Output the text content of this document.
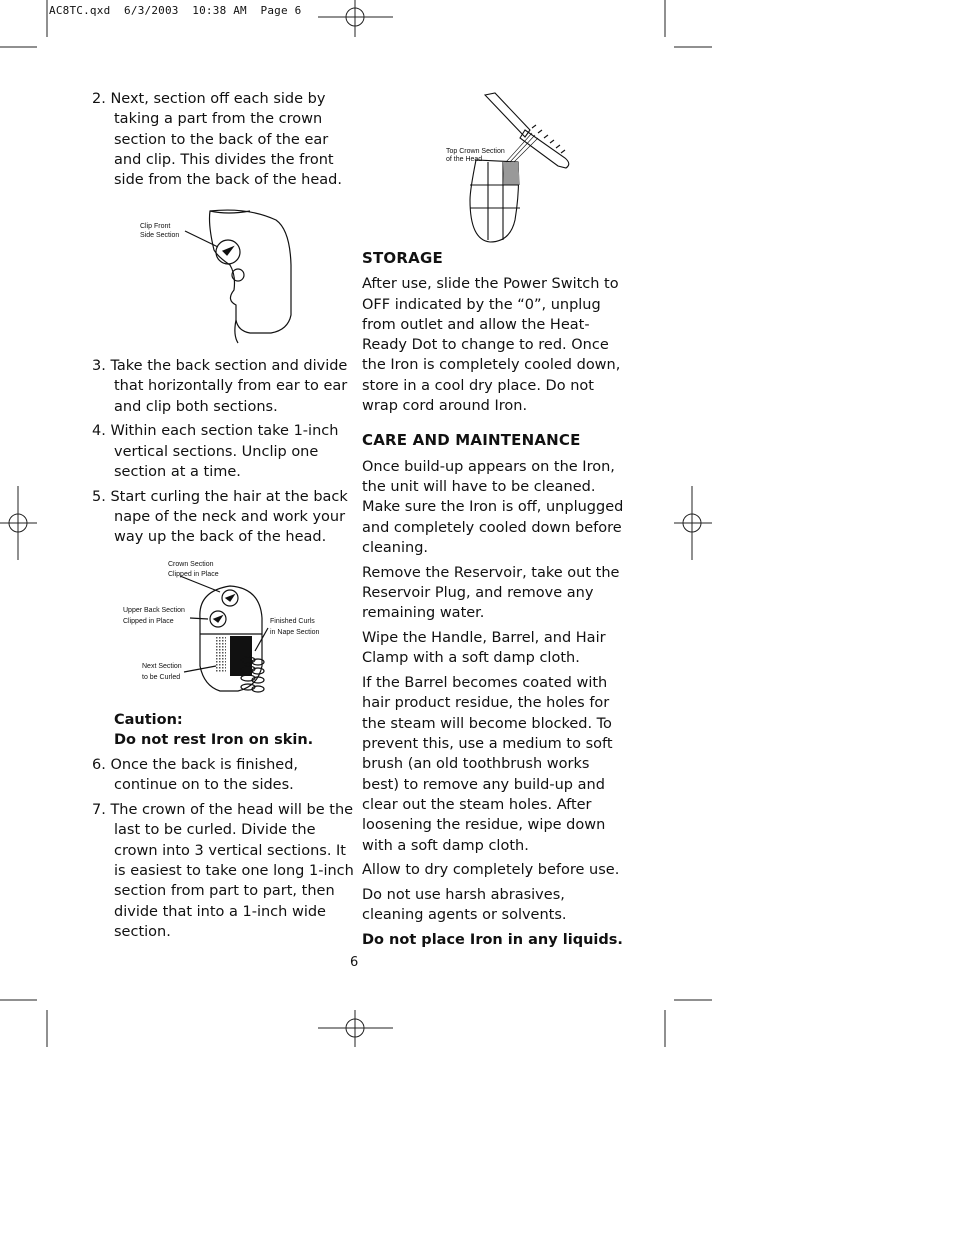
AC8TC.qxd  6/3/2003  10:38 AM  Page 6
2. Next, section off each side by taking a part from the crown section to the back of the ear and clip. This divides the front side from the back of the head.
Clip Front
Side Section
3. Take the back section and divide that horizontally from ear to ear and clip both sections.
4. Within each section take 1-inch vertical sections. Unclip one section at a time.
5. Start curling the hair at the back nape of the neck and work your way up the back of the head.
Crown Section
Clipped in Place
Upper Back Section
Clipped in Place	Finished Curls
in Nape Section
Next Section
to be Curled
Caution:
Do not rest Iron on skin.
6. Once the back is finished, continue on to the sides.
7. The crown of the head will be the last to be curled. Divide the crown into 3 vertical sections. It is easiest to take one long 1-inch section from part to part, then divide that into a 1-inch wide section.
Top Crown Section
of the Head
STORAGE

After use, slide the Power Switch to OFF indicated by the “0”, unplug from outlet and allow the Heat-Ready Dot to change to red. Once the Iron is completely cooled down, store in a cool dry place. Do not wrap cord around Iron.

CARE AND MAINTENANCE

Once build-up appears on the Iron, the unit will have to be cleaned. Make sure the Iron is off, unplugged and completely cooled down before cleaning.

Remove the Reservoir, take out the Reservoir Plug, and remove any remaining water.

Wipe the Handle, Barrel, and Hair Clamp with a soft damp cloth.

If the Barrel becomes coated with hair product residue, the holes for the steam will become blocked. To prevent this, use a medium to soft brush (an old toothbrush works best) to remove any build-up and clear out the steam holes. After loosening the residue, wipe down with a soft damp cloth.

Allow to dry completely before use.

Do not use harsh abrasives, cleaning agents or solvents.

Do not place Iron in any liquids.

6
